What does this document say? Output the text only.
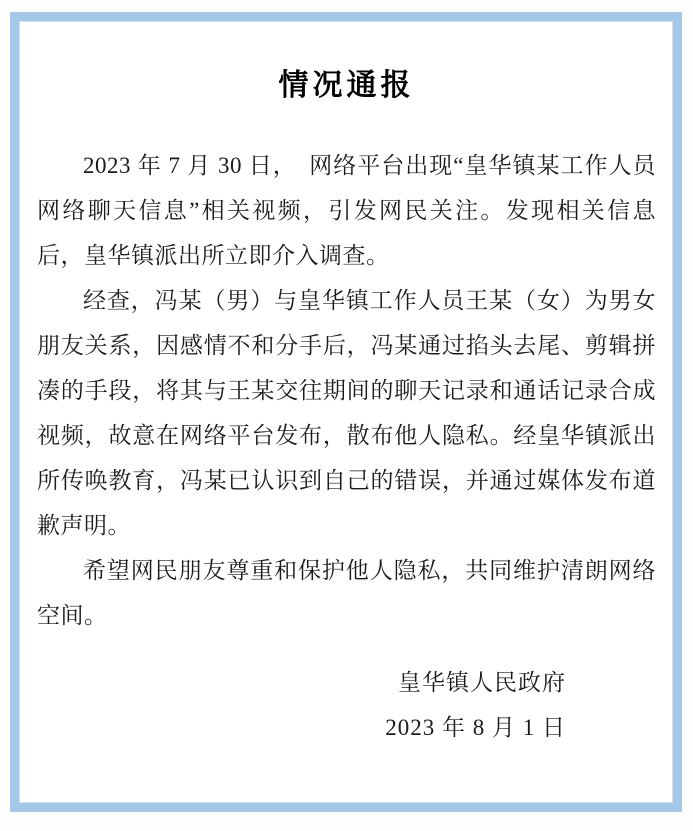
情况通报

2023 年 7 月 30 日，　网络平台出现“皇华镇某工作人员网络聊天信息”相关视频，引发网民关注。发现相关信息后，皇华镇派出所立即介入调查。

经查，冯某（男）与皇华镇工作人员王某（女）为男女朋友关系，因感情不和分手后，冯某通过掐头去尾、剪辑拼凑的手段，将其与王某交往期间的聊天记录和通话记录合成视频，故意在网络平台发布，散布他人隐私。经皇华镇派出所传唤教育，冯某已认识到自己的错误，并通过媒体发布道歉声明。

希望网民朋友尊重和保护他人隐私，共同维护清朗网络空间。

皇华镇人民政府
2023 年 8 月 1 日
